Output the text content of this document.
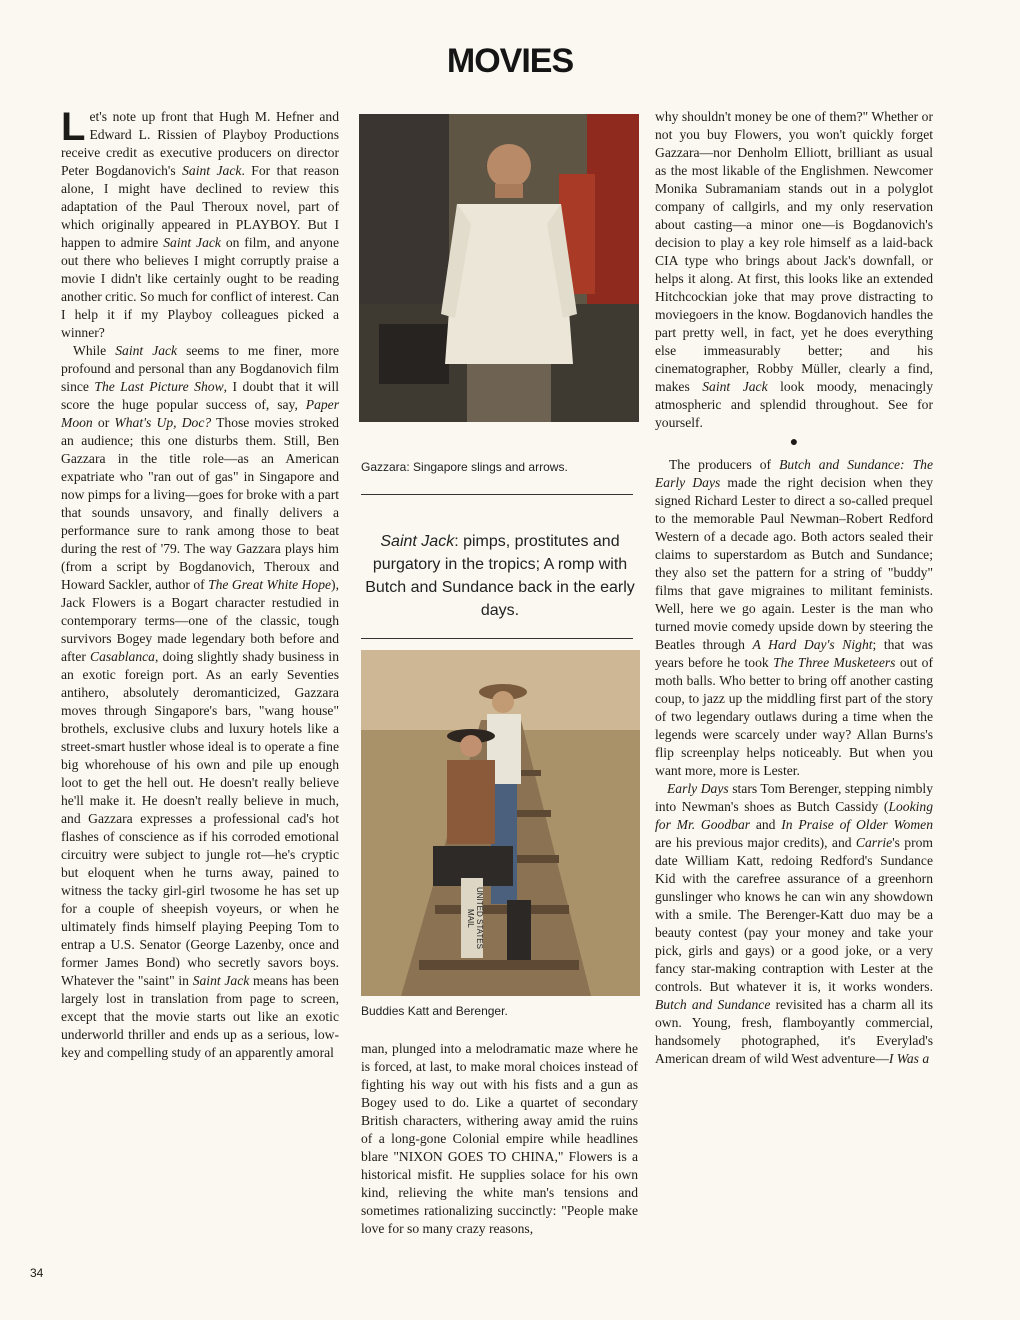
MOVIES

Let's note up front that Hugh M. Hefner and Edward L. Rissien of Playboy Productions receive credit as executive producers on director Peter Bogdanovich's Saint Jack. For that reason alone, I might have declined to review this adaptation of the Paul Theroux novel, part of which originally appeared in PLAYBOY. But I happen to admire Saint Jack on film, and anyone out there who believes I might corruptly praise a movie I didn't like certainly ought to be reading another critic. So much for conflict of interest. Can I help it if my Playboy colleagues picked a winner?

While Saint Jack seems to me finer, more profound and personal than any Bogdanovich film since The Last Picture Show, I doubt that it will score the huge popular success of, say, Paper Moon or What's Up, Doc? Those movies stroked an audience; this one disturbs them. Still, Ben Gazzara in the title role—as an American expatriate who "ran out of gas" in Singapore and now pimps for a living—goes for broke with a part that sounds unsavory, and finally delivers a performance sure to rank among those to beat during the rest of '79. The way Gazzara plays him (from a script by Bogdanovich, Theroux and Howard Sackler, author of The Great White Hope), Jack Flowers is a Bogart character restudied in contemporary terms—one of the classic, tough survivors Bogey made legendary both before and after Casablanca, doing slightly shady business in an exotic foreign port. As an early Seventies antihero, absolutely deromanticized, Gazzara moves through Singapore's bars, "wang house" brothels, exclusive clubs and luxury hotels like a street-smart hustler whose ideal is to operate a fine big whorehouse of his own and pile up enough loot to get the hell out. He doesn't really believe he'll make it. He doesn't really believe in much, and Gazzara expresses a professional cad's hot flashes of conscience as if his corroded emotional circuitry were subject to jungle rot—he's cryptic but eloquent when he turns away, pained to witness the tacky girl-girl twosome he has set up for a couple of sheepish voyeurs, or when he ultimately finds himself playing Peeping Tom to entrap a U.S. Senator (George Lazenby, once and former James Bond) who secretly savors boys. Whatever the "saint" in Saint Jack means has been largely lost in translation from page to screen, except that the movie starts out like an exotic underworld thriller and ends up as a serious, low-key and compelling study of an apparently amoral

Gazzara: Singapore slings and arrows.
Saint Jack: pimps, prostitutes and purgatory in the tropics; A romp with Butch and Sundance back in the early days.
UNITED STATES MAIL
Buddies Katt and Berenger.

man, plunged into a melodramatic maze where he is forced, at last, to make moral choices instead of fighting his way out with his fists and a gun as Bogey used to do. Like a quartet of secondary British characters, withering away amid the ruins of a long-gone Colonial empire while headlines blare "NIXON GOES TO CHINA," Flowers is a historical misfit. He supplies solace for his own kind, relieving the white man's tensions and sometimes rationalizing succinctly: "People make love for so many crazy reasons,

why shouldn't money be one of them?" Whether or not you buy Flowers, you won't quickly forget Gazzara—nor Denholm Elliott, brilliant as usual as the most likable of the Englishmen. Newcomer Monika Subramaniam stands out in a polyglot company of callgirls, and my only reservation about casting—a minor one—is Bogdanovich's decision to play a key role himself as a laid-back CIA type who brings about Jack's downfall, or helps it along. At first, this looks like an extended Hitchcockian joke that may prove distracting to moviegoers in the know. Bogdanovich handles the part pretty well, in fact, yet he does everything else immeasurably better; and his cinematographer, Robby Müller, clearly a find, makes Saint Jack look moody, menacingly atmospheric and splendid throughout. See for yourself.

●

The producers of Butch and Sundance: The Early Days made the right decision when they signed Richard Lester to direct a so-called prequel to the memorable Paul Newman–Robert Redford Western of a decade ago. Both actors sealed their claims to superstardom as Butch and Sundance; they also set the pattern for a string of "buddy" films that gave migraines to militant feminists. Well, here we go again. Lester is the man who turned movie comedy upside down by steering the Beatles through A Hard Day's Night; that was years before he took The Three Musketeers out of moth balls. Who better to bring off another casting coup, to jazz up the middling first part of the story of two legendary outlaws during a time when the legends were scarcely under way? Allan Burns's flip screenplay helps noticeably. But when you want more, more is Lester.

Early Days stars Tom Berenger, stepping nimbly into Newman's shoes as Butch Cassidy (Looking for Mr. Goodbar and In Praise of Older Women are his previous major credits), and Carrie's prom date William Katt, redoing Redford's Sundance Kid with the carefree assurance of a greenhorn gunslinger who knows he can win any showdown with a smile. The Berenger-Katt duo may be a beauty contest (pay your money and take your pick, girls and gays) or a good joke, or a very fancy star-making contraption with Lester at the controls. But whatever it is, it works wonders. Butch and Sundance revisited has a charm all its own. Young, fresh, flamboyantly commercial, handsomely photographed, it's Everylad's American dream of wild West adventure—I Was a

34
